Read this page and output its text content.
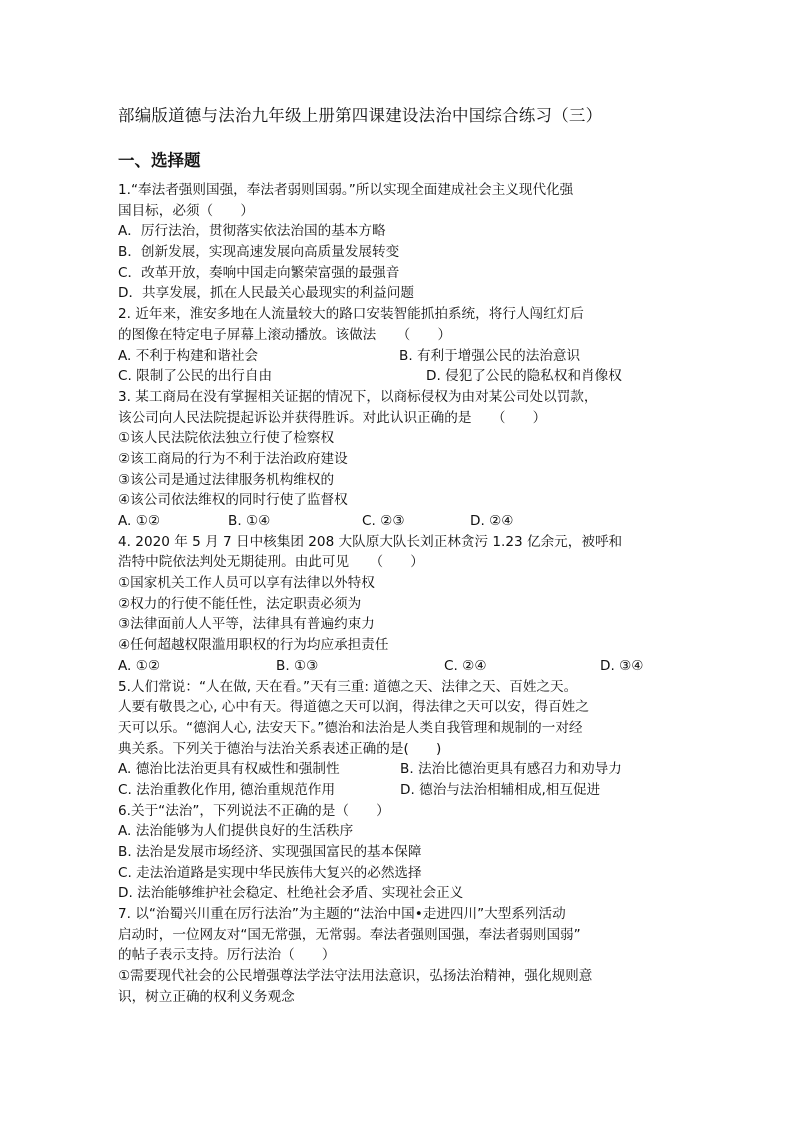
部编版道德与法治九年级上册第四课建设法治中国综合练习（三）
一、选择题
1.“奉法者强则国强，奉法者弱则国弱。”所以实现全面建成社会主义现代化强
国目标，必须（　　）
A．厉行法治，贯彻落实依法治国的基本方略
B．创新发展，实现高速发展向高质量发展转变
C．改革开放，奏响中国走向繁荣富强的最强音
D．共享发展，抓在人民最关心最现实的利益问题
2. 近年来，淮安多地在人流量较大的路口安装智能抓拍系统，将行人闯红灯后
的图像在特定电子屏幕上滚动播放。该做法　　（　　）
A. 不利于构建和谐社会	B. 有利于增强公民的法治意识
C. 限制了公民的出行自由	D. 侵犯了公民的隐私权和肖像权
3. 某工商局在没有掌握相关证据的情况下，以商标侵权为由对某公司处以罚款，
该公司向人民法院提起诉讼并获得胜诉。对此认识正确的是　　（　　）
①该人民法院依法独立行使了检察权
②该工商局的行为不利于法治政府建设
③该公司是通过法律服务机构维权的
④该公司依法维权的同时行使了监督权
A. ①②	B. ①④	C. ②③	D. ②④
4. 2020 年 5 月 7 日中核集团 208 大队原大队长刘正林贪污 1.23 亿余元，被呼和
浩特中院依法判处无期徒刑。由此可见　　（　　）
①国家机关工作人员可以享有法律以外特权
②权力的行使不能任性，法定职责必须为
③法律面前人人平等，法律具有普遍约束力
④任何超越权限滥用职权的行为均应承担责任
A. ①②	B. ①③	C. ②④	D. ③④
5.人们常说：“人在做, 天在看。”天有三重: 道德之天、法律之天、百姓之天。
人要有敬畏之心, 心中有天。得道德之天可以润，得法律之天可以安，得百姓之
天可以乐。“德润人心, 法安天下。”德治和法治是人类自我管理和规制的一对经
典关系。下列关于德治与法治关系表述正确的是(　　)
A. 德治比法治更具有权威性和强制性	B. 法治比德治更具有感召力和劝导力
C. 法治重教化作用, 德治重规范作用	D. 德治与法治相辅相成,相互促进
6.关于“法治”，下列说法不正确的是（　　）
A. 法治能够为人们提供良好的生活秩序
B. 法治是发展市场经济、实现强国富民的基本保障
C. 走法治道路是实现中华民族伟大复兴的必然选择
D. 法治能够维护社会稳定、杜绝社会矛盾、实现社会正义
7. 以“治蜀兴川重在厉行法治”为主题的“法治中国•走进四川”大型系列活动
启动时，一位网友对“国无常强，无常弱。奉法者强则国强，奉法者弱则国弱”
的帖子表示支持。厉行法治（　　）
①需要现代社会的公民增强尊法学法守法用法意识，弘扬法治精神，强化规则意
识，树立正确的权利义务观念
